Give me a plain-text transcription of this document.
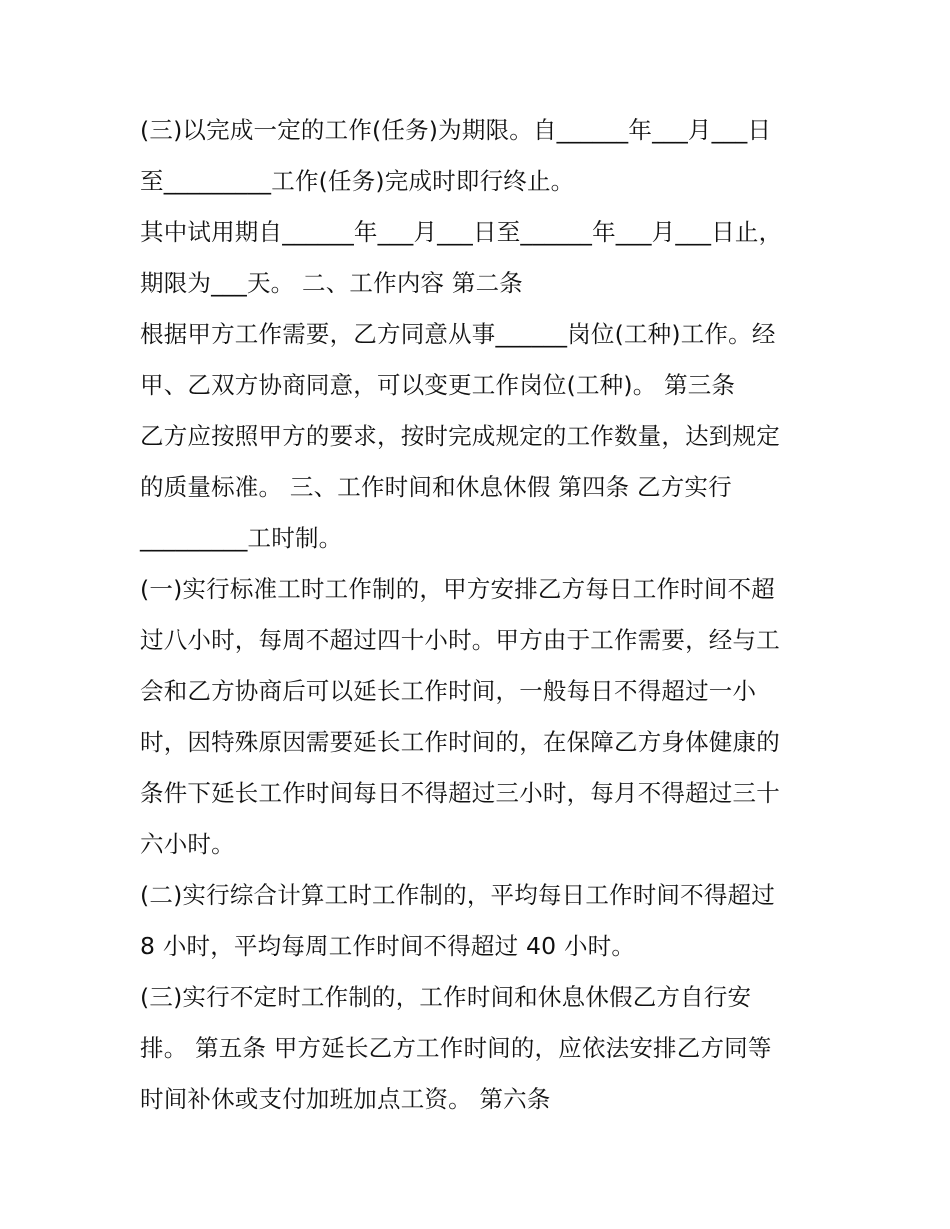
(三)以完成一定的工作(任务)为期限。自______年___月___日
至_________工作(任务)完成时即行终止。
其中试用期自______年___月___日至______年___月___日止，
期限为___天。 二、工作内容 第二条
根据甲方工作需要，乙方同意从事______岗位(工种)工作。经
甲、乙双方协商同意，可以变更工作岗位(工种)。 第三条
乙方应按照甲方的要求，按时完成规定的工作数量，达到规定
的质量标准。 三、工作时间和休息休假 第四条 乙方实行
_________工时制。
(一)实行标准工时工作制的，甲方安排乙方每日工作时间不超
过八小时，每周不超过四十小时。甲方由于工作需要，经与工
会和乙方协商后可以延长工作时间，一般每日不得超过一小
时，因特殊原因需要延长工作时间的，在保障乙方身体健康的
条件下延长工作时间每日不得超过三小时，每月不得超过三十
六小时。
(二)实行综合计算工时工作制的，平均每日工作时间不得超过
8 小时，平均每周工作时间不得超过 40 小时。
(三)实行不定时工作制的，工作时间和休息休假乙方自行安
排。 第五条 甲方延长乙方工作时间的，应依法安排乙方同等
时间补休或支付加班加点工资。 第六条
